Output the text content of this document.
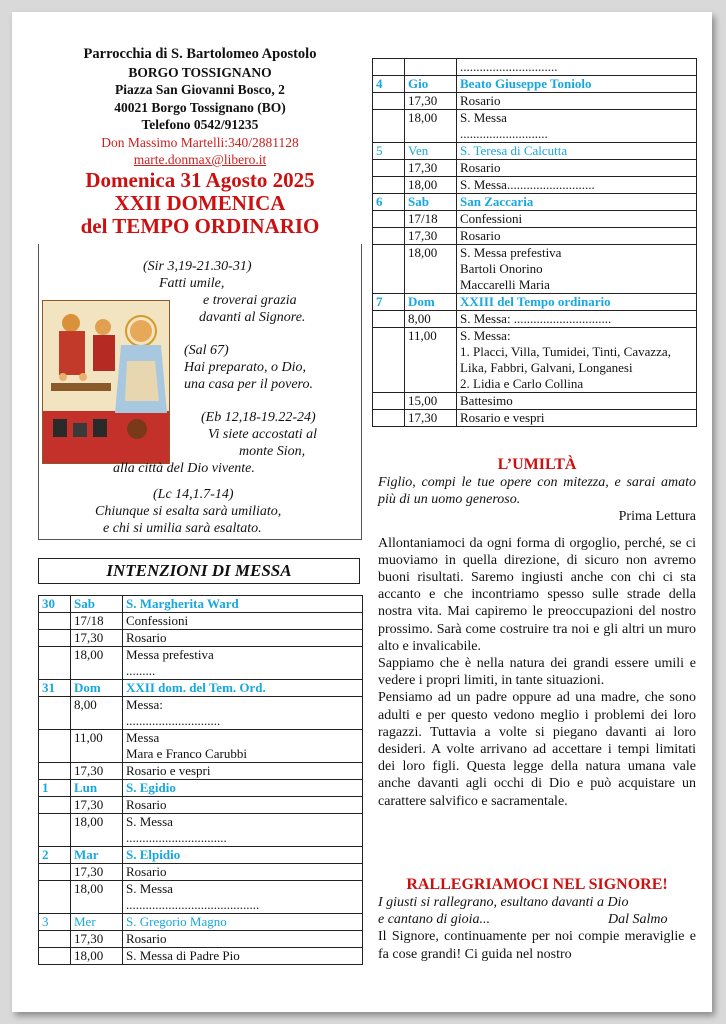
Parrocchia di S. Bartolomeo Apostolo
BORGO TOSSIGNANO
Piazza San Giovanni Bosco, 2
40021 Borgo Tossignano (BO)
Telefono 0542/91235
Don Massimo Martelli:340/2881128
marte.donmax@libero.it
Domenica 31 Agosto 2025
XXII DOMENICA
del TEMPO ORDINARIO
(Sir 3,19-21.30-31)
Fatti umile,
e troverai grazia
davanti al Signore.
(Sal 67)
Hai preparato, o Dio,
una casa per il povero.
(Eb 12,18-19.22-24)
Vi siete accostati al
monte Sion,
alla città del Dio vivente.
(Lc 14,1.7-14)
Chiunque si esalta sarà umiliato,
e chi si umilia sarà esaltato.
INTENZIONI DI MESSA
30	Sab	S. Margherita Ward
	17/18	Confessioni
	17,30	Rosario
	18,00	Messa prefestiva
.........
31	Dom	XXII dom. del Tem. Ord.
	8,00	Messa:
.............................
	11,00	Messa
Mara e Franco Carubbi
	17,30	Rosario e vespri
1	Lun	S. Egidio
	17,30	Rosario
	18,00	S. Messa
...............................
2	Mar	S. Elpidio
	17,30	Rosario
	18,00	S. Messa
.........................................
3	Mer	S. Gregorio Magno
	17,30	Rosario
	18,00	S. Messa di Padre Pio
		..............................
4	Gio	Beato Giuseppe Toniolo
	17,30	Rosario
	18,00	S. Messa
...........................
5	Ven	S. Teresa di Calcutta
	17,30	Rosario
	18,00	S. Messa...........................
6	Sab	San Zaccaria
	17/18	Confessioni
	17,30	Rosario
	18,00	S. Messa prefestiva
Bartoli Onorino
Maccarelli Maria
7	Dom	XXIII del Tempo ordinario
	8,00	S. Messa: ..............................
	11,00	S. Messa:
1. Placci, Villa, Tumidei, Tinti, Cavazza, Lika, Fabbri, Galvani, Longanesi
2. Lidia e Carlo Collina
	15,00	Battesimo
	17,30	Rosario e vespri
L’UMILTÀ
Figlio, compi le tue opere con mitezza, e sarai amato più di un uomo generoso.
Prima Lettura
Allontaniamoci da ogni forma di orgoglio, perché, se ci muoviamo in quella direzione, di sicuro non avremo buoni risultati. Saremo ingiusti anche con chi ci sta accanto e che incontriamo spesso sulle strade della nostra vita. Mai capiremo le preoccupazioni del nostro prossimo. Sarà come costruire tra noi e gli altri un muro alto e invalicabile.
Sappiamo che è nella natura dei grandi essere umili e vedere i propri limiti, in tante situazioni.
Pensiamo ad un padre oppure ad una madre, che sono adulti e per questo vedono meglio i problemi dei loro ragazzi. Tuttavia a volte si piegano davanti ai loro desideri. A volte arrivano ad accettare i tempi limitati dei loro figli. Questa legge della natura umana vale anche davanti agli occhi di Dio e può acquistare un carattere salvifico e sacramentale.
RALLEGRIAMOCI NEL SIGNORE!
I giusti si rallegrano, esultano davanti a Dio
e cantano di gioia...	Dal Salmo
Il Signore, continuamente per noi compie meraviglie e fa cose grandi! Ci guida nel nostro
